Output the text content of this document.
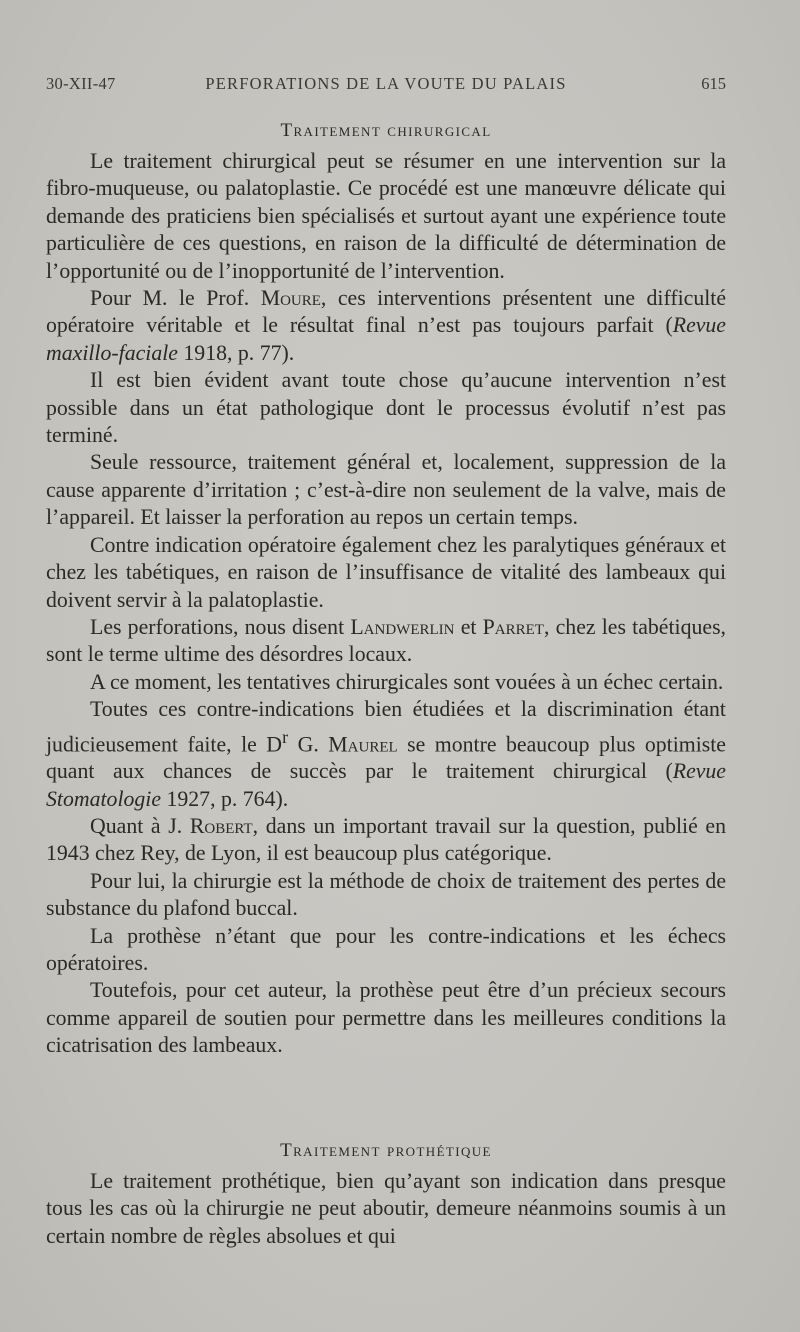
30-XII-47	PERFORATIONS DE LA VOUTE DU PALAIS	615
Traitement chirurgical

Le traitement chirurgical peut se résumer en une intervention sur la fibro-muqueuse, ou palatoplastie. Ce procédé est une manœuvre délicate qui demande des praticiens bien spécialisés et surtout ayant une expérience toute particulière de ces questions, en raison de la difficulté de détermination de l’opportunité ou de l’inopportunité de l’intervention.

Pour M. le Prof. Moure, ces interventions présentent une difficulté opératoire véritable et le résultat final n’est pas toujours parfait (Revue maxillo-faciale 1918, p. 77).

Il est bien évident avant toute chose qu’aucune intervention n’est possible dans un état pathologique dont le processus évolutif n’est pas terminé.

Seule ressource, traitement général et, localement, suppression de la cause apparente d’irritation ; c’est-à-dire non seulement de la valve, mais de l’appareil. Et laisser la perforation au repos un certain temps.

Contre indication opératoire également chez les paralytiques généraux et chez les tabétiques, en raison de l’insuffisance de vitalité des lambeaux qui doivent servir à la palatoplastie.

Les perforations, nous disent Landwerlin et Parret, chez les tabétiques, sont le terme ultime des désordres locaux.

A ce moment, les tentatives chirurgicales sont vouées à un échec certain.

Toutes ces contre-indications bien étudiées et la discrimination étant judicieusement faite, le $D^r$ G. Maurel se montre beaucoup plus optimiste quant aux chances de succès par le traitement chirurgical (Revue Stomatologie 1927, p. 764).

Quant à J. Robert, dans un important travail sur la question, publié en 1943 chez Rey, de Lyon, il est beaucoup plus catégorique.

Pour lui, la chirurgie est la méthode de choix de traitement des pertes de substance du plafond buccal.

La prothèse n’étant que pour les contre-indications et les échecs opératoires.

Toutefois, pour cet auteur, la prothèse peut être d’un précieux secours comme appareil de soutien pour permettre dans les meilleures conditions la cicatrisation des lambeaux.

Traitement prothétique

Le traitement prothétique, bien qu’ayant son indication dans presque tous les cas où la chirurgie ne peut aboutir, demeure néanmoins soumis à un certain nombre de règles absolues et qui
